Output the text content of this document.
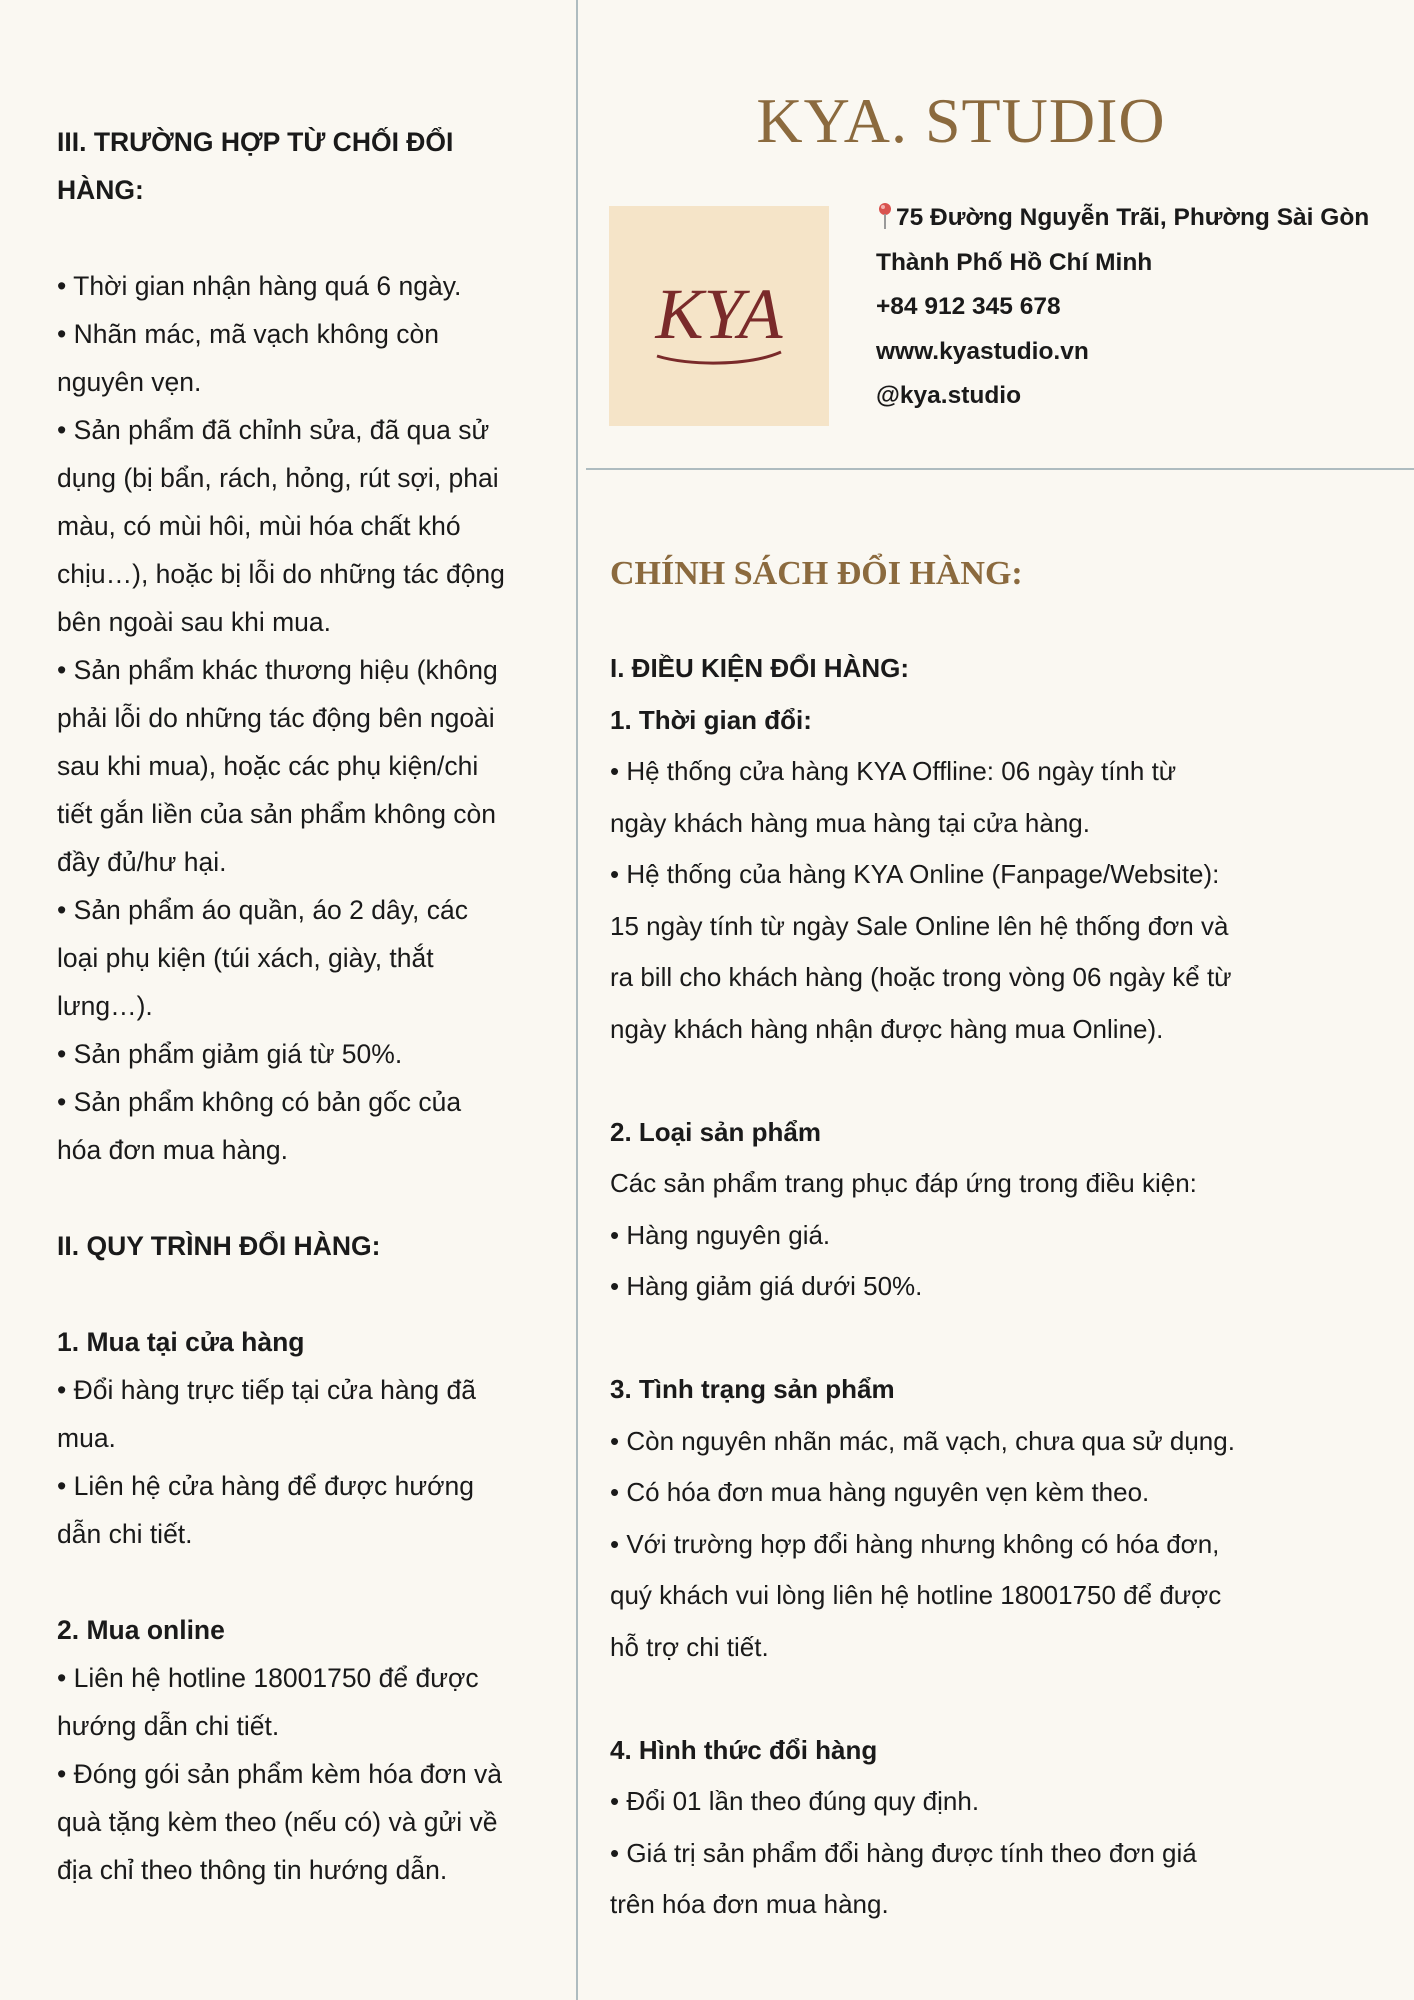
III. TRƯỜNG HỢP TỪ CHỐI ĐỔI
HÀNG:

• Thời gian nhận hàng quá 6 ngày.

• Nhãn mác, mã vạch không còn

nguyên vẹn.

• Sản phẩm đã chỉnh sửa, đã qua sử

dụng (bị bẩn, rách, hỏng, rút sợi, phai

màu, có mùi hôi, mùi hóa chất khó

chịu…), hoặc bị lỗi do những tác động

bên ngoài sau khi mua.

• Sản phẩm khác thương hiệu (không

phải lỗi do những tác động bên ngoài

sau khi mua), hoặc các phụ kiện/chi

tiết gắn liền của sản phẩm không còn

đầy đủ/hư hại.

• Sản phẩm áo quần, áo 2 dây, các

loại phụ kiện (túi xách, giày, thắt

lưng…).

• Sản phẩm giảm giá từ 50%.

• Sản phẩm không có bản gốc của

hóa đơn mua hàng.

II. QUY TRÌNH ĐỔI HÀNG:
1. Mua tại cửa hàng

• Đổi hàng trực tiếp tại cửa hàng đã

mua.

• Liên hệ cửa hàng để được hướng

dẫn chi tiết.

2. Mua online

• Liên hệ hotline 18001750 để được

hướng dẫn chi tiết.

• Đóng gói sản phẩm kèm hóa đơn và

quà tặng kèm theo (nếu có) và gửi về

địa chỉ theo thông tin hướng dẫn.

KYA. STUDIO
KYA
75 Đường Nguyễn Trãi, Phường Sài Gòn
Thành Phố Hồ Chí Minh
+84 912 345 678
www.kyastudio.vn
@kya.studio
CHÍNH SÁCH ĐỔI HÀNG:
I. ĐIỀU KIỆN ĐỔI HÀNG:
1. Thời gian đổi:

• Hệ thống cửa hàng KYA Offline: 06 ngày tính từ

ngày khách hàng mua hàng tại cửa hàng.

• Hệ thống của hàng KYA Online (Fanpage/Website):

15 ngày tính từ ngày Sale Online lên hệ thống đơn và

ra bill cho khách hàng (hoặc trong vòng 06 ngày kể từ

ngày khách hàng nhận được hàng mua Online).

2. Loại sản phẩm

Các sản phẩm trang phục đáp ứng trong điều kiện:

• Hàng nguyên giá.

• Hàng giảm giá dưới 50%.

3. Tình trạng sản phẩm

• Còn nguyên nhãn mác, mã vạch, chưa qua sử dụng.

• Có hóa đơn mua hàng nguyên vẹn kèm theo.

• Với trường hợp đổi hàng nhưng không có hóa đơn,

quý khách vui lòng liên hệ hotline 18001750 để được

hỗ trợ chi tiết.

4. Hình thức đổi hàng

• Đổi 01 lần theo đúng quy định.

• Giá trị sản phẩm đổi hàng được tính theo đơn giá

trên hóa đơn mua hàng.
